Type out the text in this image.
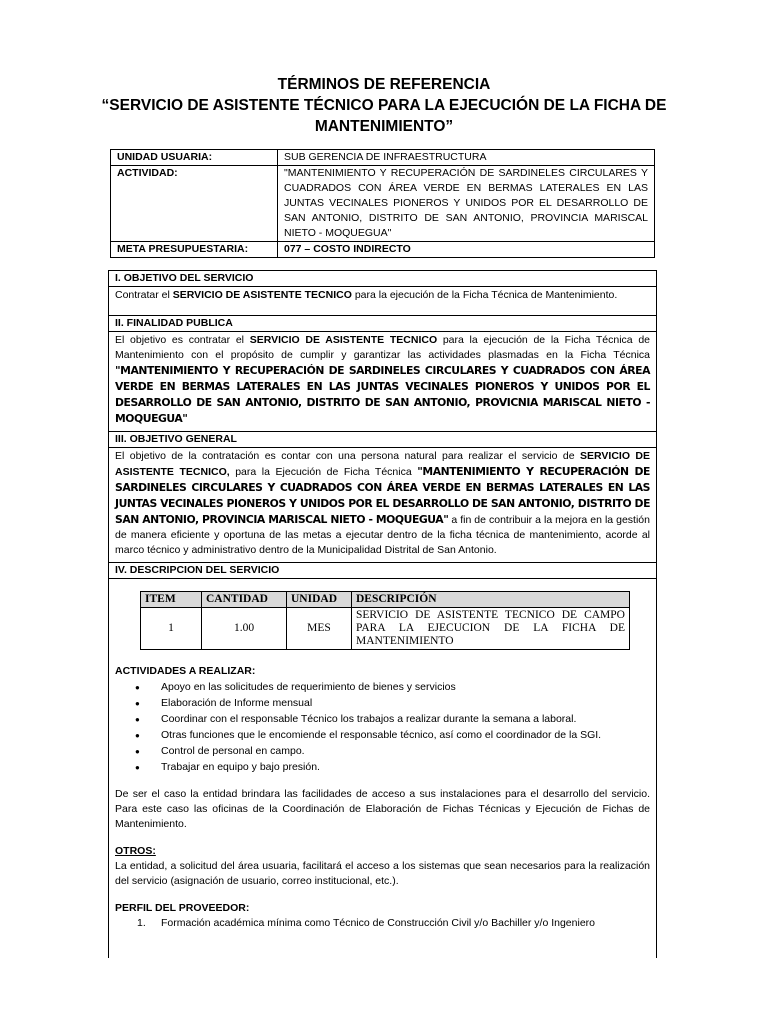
TÉRMINOS DE REFERENCIA
“SERVICIO DE ASISTENTE TÉCNICO PARA LA EJECUCIÓN DE LA FICHA DE MANTENIMIENTO”
UNIDAD USUARIA:	SUB GERENCIA DE INFRAESTRUCTURA
ACTIVIDAD:	"MANTENIMIENTO Y RECUPERACIÓN DE SARDINELES CIRCULARES Y CUADRADOS CON ÁREA VERDE EN BERMAS LATERALES EN LAS JUNTAS VECINALES PIONEROS Y UNIDOS POR EL DESARROLLO DE SAN ANTONIO, DISTRITO DE SAN ANTONIO, PROVINCIA MARISCAL NIETO - MOQUEGUA"
META PRESUPUESTARIA:	077 – COSTO INDIRECTO
I. OBJETIVO DEL SERVICIO
Contratar el SERVICIO DE ASISTENTE TECNICO para la ejecución de la Ficha Técnica de Mantenimiento.
II. FINALIDAD PUBLICA
El objetivo es contratar el SERVICIO DE ASISTENTE TECNICO para la ejecución de la Ficha Técnica de Mantenimiento con el propósito de cumplir y garantizar las actividades plasmadas en la Ficha Técnica "MANTENIMIENTO Y RECUPERACIÓN DE SARDINELES CIRCULARES Y CUADRADOS CON ÁREA VERDE EN BERMAS LATERALES EN LAS JUNTAS VECINALES PIONEROS Y UNIDOS POR EL DESARROLLO DE SAN ANTONIO, DISTRITO DE SAN ANTONIO, PROVICNIA MARISCAL NIETO - MOQUEGUA"
III. OBJETIVO GENERAL
El objetivo de la contratación es contar con una persona natural para realizar el servicio de SERVICIO DE ASISTENTE TECNICO, para la Ejecución de Ficha Técnica "MANTENIMIENTO Y RECUPERACIÓN DE SARDINELES CIRCULARES Y CUADRADOS CON ÁREA VERDE EN BERMAS LATERALES EN LAS JUNTAS VECINALES PIONEROS Y UNIDOS POR EL DESARROLLO DE SAN ANTONIO, DISTRITO DE SAN ANTONIO, PROVINCIA MARISCAL NIETO - MOQUEGUA" a fin de contribuir a la mejora en la gestión de manera eficiente y oportuna de las metas a ejecutar dentro de la ficha técnica de mantenimiento, acorde al marco técnico y administrativo dentro de la Municipalidad Distrital de San Antonio.
IV. DESCRIPCION DEL SERVICIO
ITEM	CANTIDAD	UNIDAD	DESCRIPCIÓN
1	1.00	MES	SERVICIO DE ASISTENTE TECNICO DE CAMPO PARA LA EJECUCION DE LA FICHA DE MANTENIMIENTO
ACTIVIDADES A REALIZAR:
● Apoyo en las solicitudes de requerimiento de bienes y servicios
● Elaboración de Informe mensual
● Coordinar con el responsable Técnico los trabajos a realizar durante la semana a laboral.
● Otras funciones que le encomiende el responsable técnico, así como el coordinador de la SGI.
● Control de personal en campo.
● Trabajar en equipo y bajo presión.
De ser el caso la entidad brindara las facilidades de acceso a sus instalaciones para el desarrollo del servicio. Para este caso las oficinas de la Coordinación de Elaboración de Fichas Técnicas y Ejecución de Fichas de Mantenimiento.
OTROS:
La entidad, a solicitud del área usuaria, facilitará el acceso a los sistemas que sean necesarios para la realización del servicio (asignación de usuario, correo institucional, etc.).
PERFIL DEL PROVEEDOR:
1.	Formación académica mínima como Técnico de Construcción Civil y/o Bachiller y/o Ingeniero
